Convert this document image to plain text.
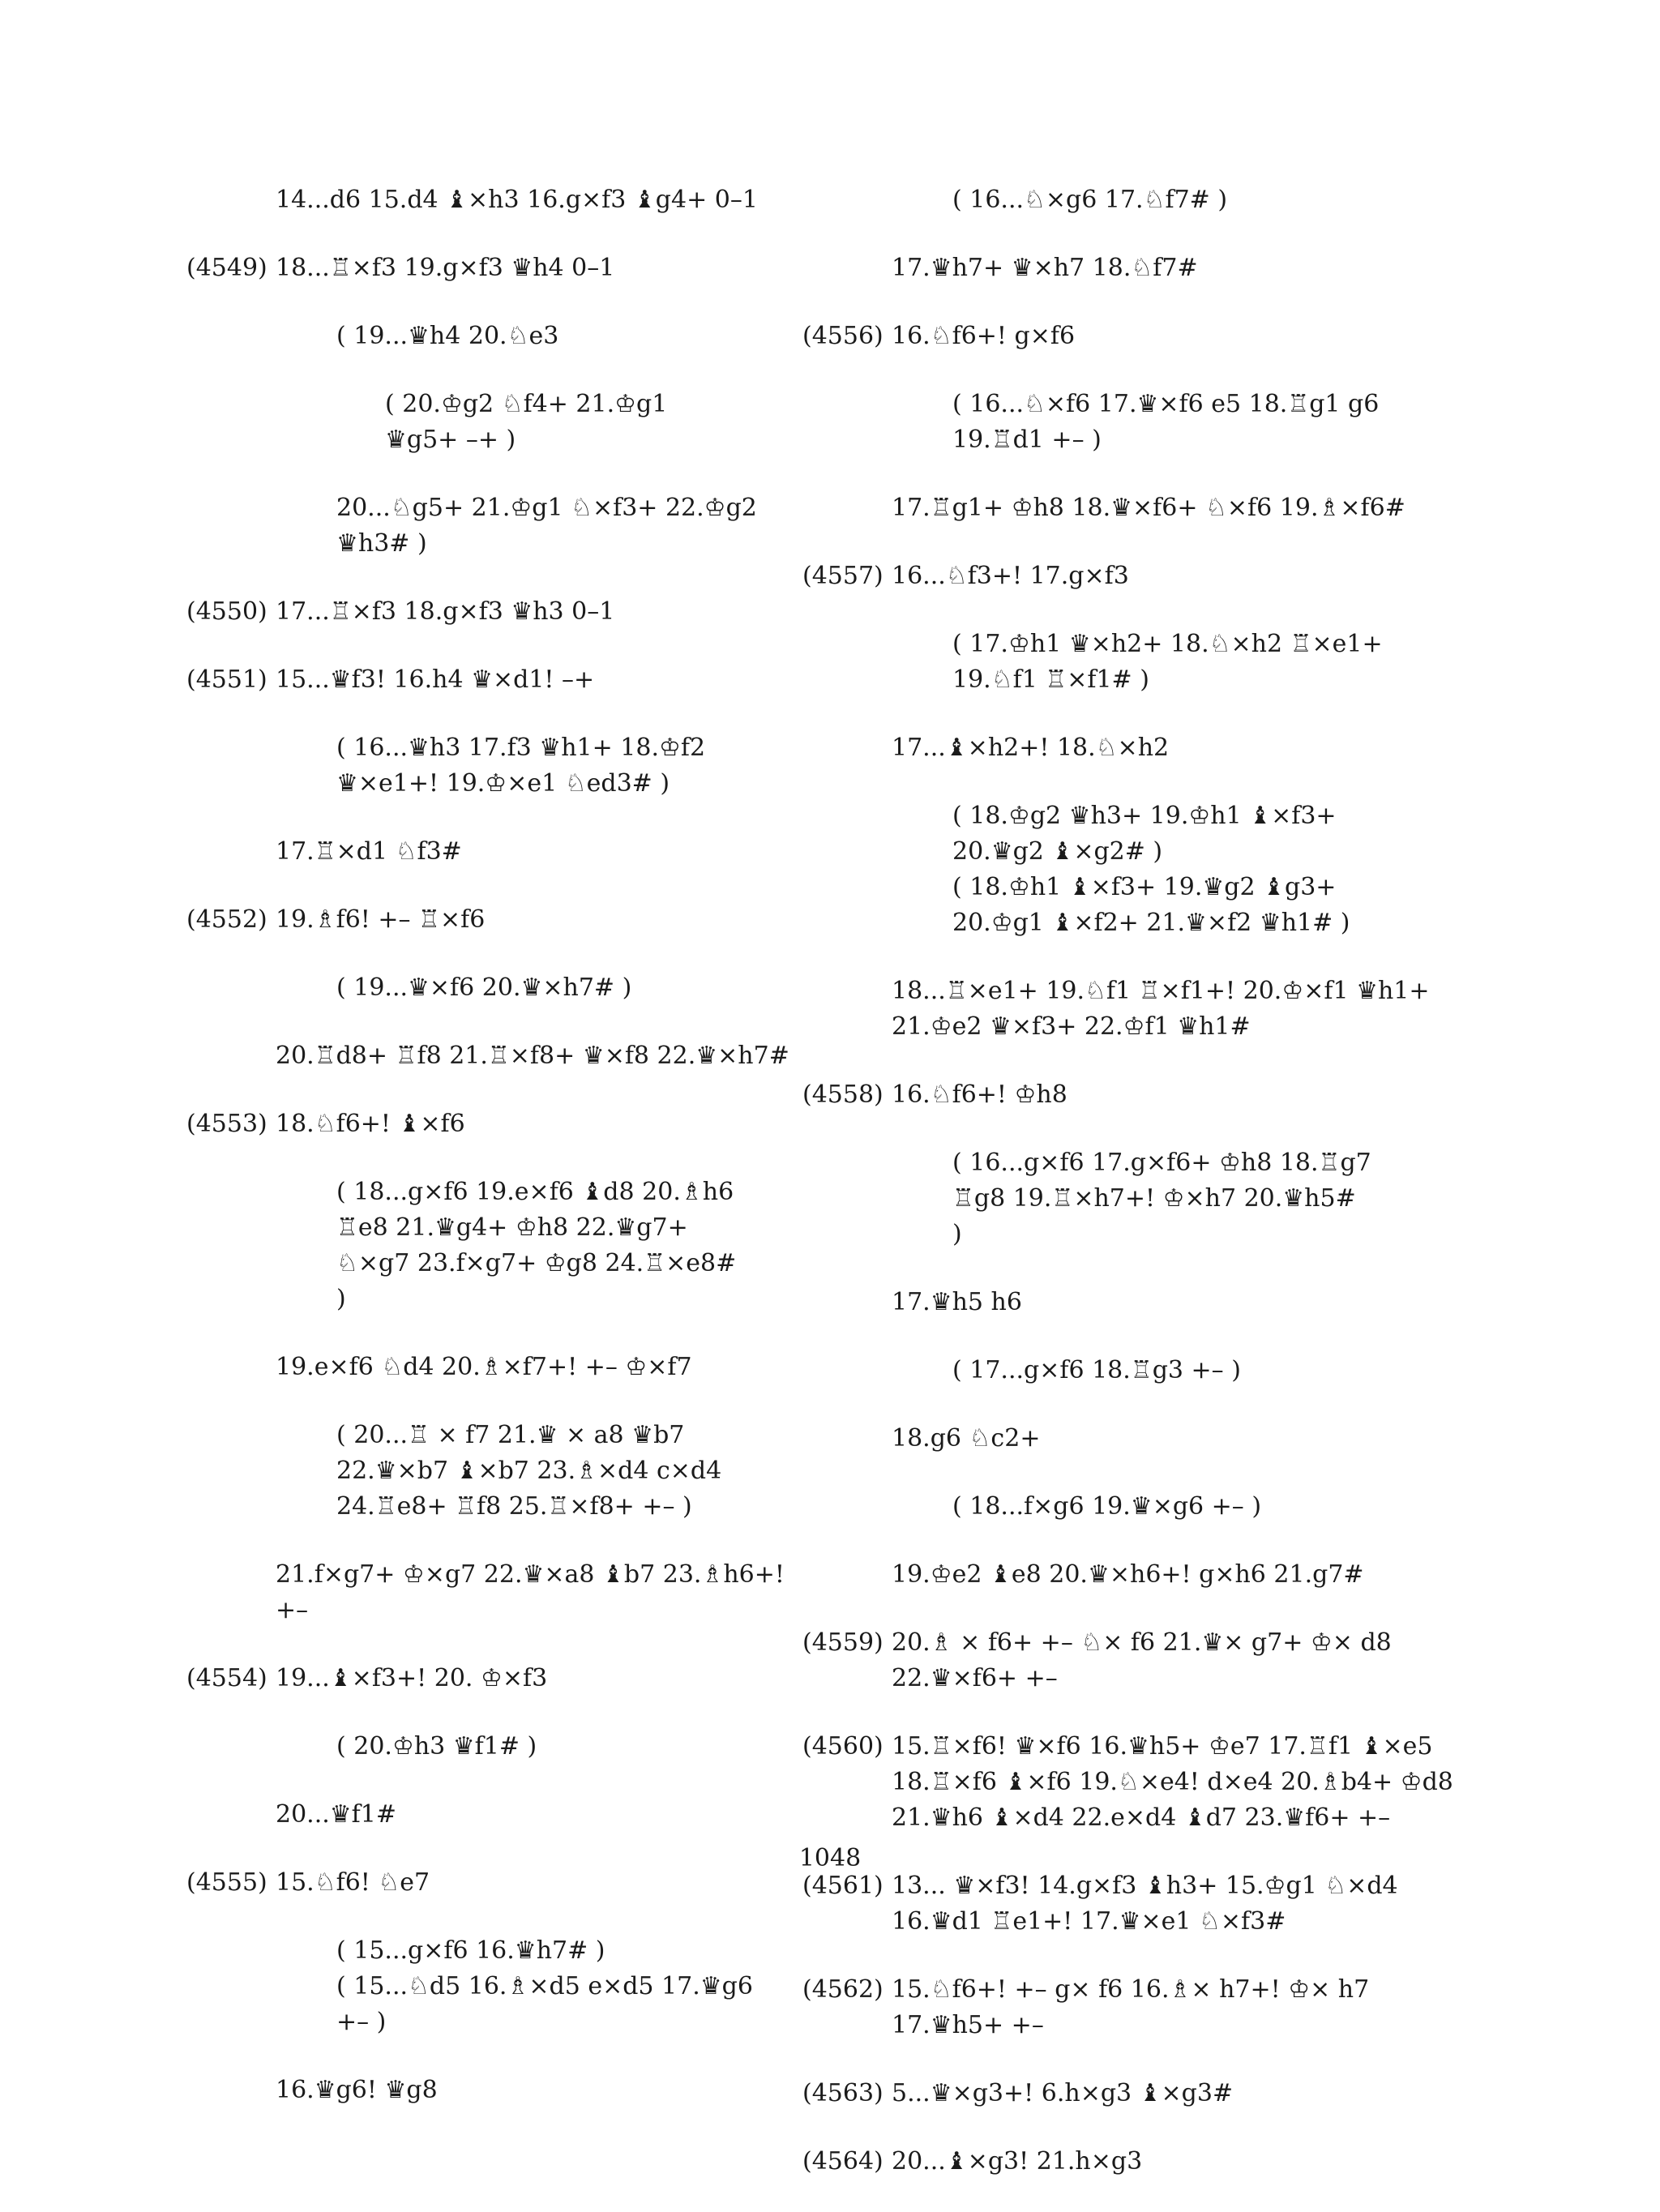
14...d6 15.d4 ♝×h3 16.g×f3 ♝g4+ 0–1
(4549) 18...♖×f3 19.g×f3 ♛h4 0–1
( 19...♛h4 20.♘e3
( 20.♔g2 ♘f4+ 21.♔g1
♛g5+ –+ )
20...♘g5+ 21.♔g1 ♘×f3+ 22.♔g2
♛h3# )
(4550) 17...♖×f3 18.g×f3 ♛h3 0–1
(4551) 15...♛f3! 16.h4 ♛×d1! –+
( 16...♛h3 17.f3 ♛h1+ 18.♔f2
♛×e1+! 19.♔×e1 ♘ed3# )
17.♖×d1 ♘f3#
(4552) 19.♗f6! +– ♖×f6
( 19...♛×f6 20.♛×h7# )
20.♖d8+ ♖f8 21.♖×f8+ ♛×f8 22.♛×h7#
(4553) 18.♘f6+! ♝×f6
( 18...g×f6 19.e×f6 ♝d8 20.♗h6
♖e8 21.♛g4+ ♔h8 22.♛g7+
♘×g7 23.f×g7+ ♔g8 24.♖×e8#
)
19.e×f6 ♘d4 20.♗×f7+! +– ♔×f7
( 20...♖ × f7 21.♛ × a8 ♛b7
22.♛×b7 ♝×b7 23.♗×d4 c×d4
24.♖e8+ ♖f8 25.♖×f8+ +– )
21.f×g7+ ♔×g7 22.♛×a8 ♝b7 23.♗h6+!
+–
(4554) 19...♝×f3+! 20. ♔×f3
( 20.♔h3 ♛f1# )
20...♛f1#
(4555) 15.♘f6! ♘e7
( 15...g×f6 16.♛h7# )
( 15...♘d5 16.♗×d5 e×d5 17.♛g6
+– )
16.♛g6! ♛g8
( 16...♘×g6 17.♘f7# )
17.♛h7+ ♛×h7 18.♘f7#
(4556) 16.♘f6+! g×f6
( 16...♘×f6 17.♛×f6 e5 18.♖g1 g6
19.♖d1 +– )
17.♖g1+ ♔h8 18.♛×f6+ ♘×f6 19.♗×f6#
(4557) 16...♘f3+! 17.g×f3
( 17.♔h1 ♛×h2+ 18.♘×h2 ♖×e1+
19.♘f1 ♖×f1# )
17...♝×h2+! 18.♘×h2
( 18.♔g2 ♛h3+ 19.♔h1 ♝×f3+
20.♛g2 ♝×g2# )
( 18.♔h1 ♝×f3+ 19.♛g2 ♝g3+
20.♔g1 ♝×f2+ 21.♛×f2 ♛h1# )
18...♖×e1+ 19.♘f1 ♖×f1+! 20.♔×f1 ♛h1+
21.♔e2 ♛×f3+ 22.♔f1 ♛h1#
(4558) 16.♘f6+! ♔h8
( 16...g×f6 17.g×f6+ ♔h8 18.♖g7
♖g8 19.♖×h7+! ♔×h7 20.♛h5#
)
17.♛h5 h6
( 17...g×f6 18.♖g3 +– )
18.g6 ♘c2+
( 18...f×g6 19.♛×g6 +– )
19.♔e2 ♝e8 20.♛×h6+! g×h6 21.g7#
(4559) 20.♗ × f6+ +– ♘× f6 21.♛× g7+ ♔× d8
22.♛×f6+ +–
(4560) 15.♖×f6! ♛×f6 16.♛h5+ ♔e7 17.♖f1 ♝×e5
18.♖×f6 ♝×f6 19.♘×e4! d×e4 20.♗b4+ ♔d8
21.♛h6 ♝×d4 22.e×d4 ♝d7 23.♛f6+ +–
(4561) 13... ♛×f3! 14.g×f3 ♝h3+ 15.♔g1 ♘×d4
16.♛d1 ♖e1+! 17.♛×e1 ♘×f3#
(4562) 15.♘f6+! +– g× f6 16.♗× h7+! ♔× h7
17.♛h5+ +–
(4563) 5...♛×g3+! 6.h×g3 ♝×g3#
(4564) 20...♝×g3! 21.h×g3
1048
